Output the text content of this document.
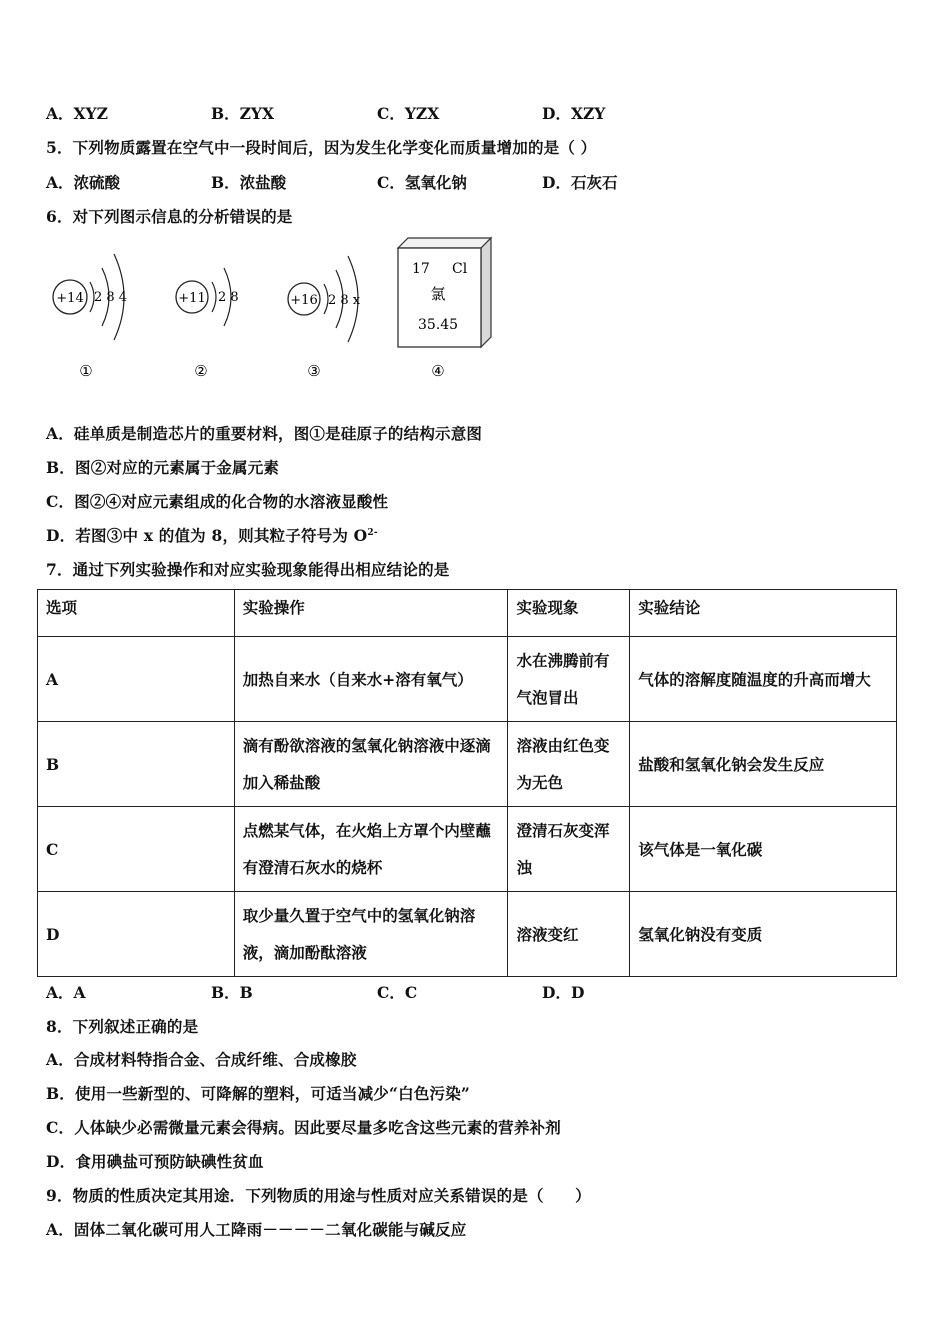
A．XYZ	B．ZYX	C．YZX	D．XZY
5．下列物质露置在空气中一段时间后，因为发生化学变化而质量增加的是（ ）
A．浓硫酸	B．浓盐酸	C．氢氧化钠	D．石灰石
6．对下列图示信息的分析错误的是
+14 2 8 4
①
+11 2 8
②
+16 2 8 x
③
17 Cl
氯
35.45
④
A．硅单质是制造芯片的重要材料，图①是硅原子的结构示意图
B．图②对应的元素属于金属元素
C．图②④对应元素组成的化合物的水溶液显酸性
D．若图③中 x 的值为 8，则其粒子符号为 $O^{2-}$
7．通过下列实验操作和对应实验现象能得出相应结论的是
选项	实验操作	实验现象	实验结论
A	加热自来水（自来水+溶有氧气）	水在沸腾前有气泡冒出	气体的溶解度随温度的升高而增大
B	滴有酚欲溶液的氢氧化钠溶液中逐滴加入稀盐酸	溶液由红色变为无色	盐酸和氢氧化钠会发生反应
C	点燃某气体，在火焰上方罩个内壁蘸有澄清石灰水的烧杯	澄清石灰变浑浊	该气体是一氧化碳
D	取少量久置于空气中的氢氧化钠溶液，滴加酚酞溶液	溶液变红	氢氧化钠没有变质
A．A	B．B	C．C	D．D
8．下列叙述正确的是
A．合成材料特指合金、合成纤维、合成橡胶
B．使用一些新型的、可降解的塑料，可适当减少“白色污染”
C．人体缺少必需微量元素会得病。因此要尽量多吃含这些元素的营养补剂
D．食用碘盐可预防缺碘性贫血
9．物质的性质决定其用途．下列物质的用途与性质对应关系错误的是（　　）
A．固体二氧化碳可用人工降雨－－－－二氧化碳能与碱反应
